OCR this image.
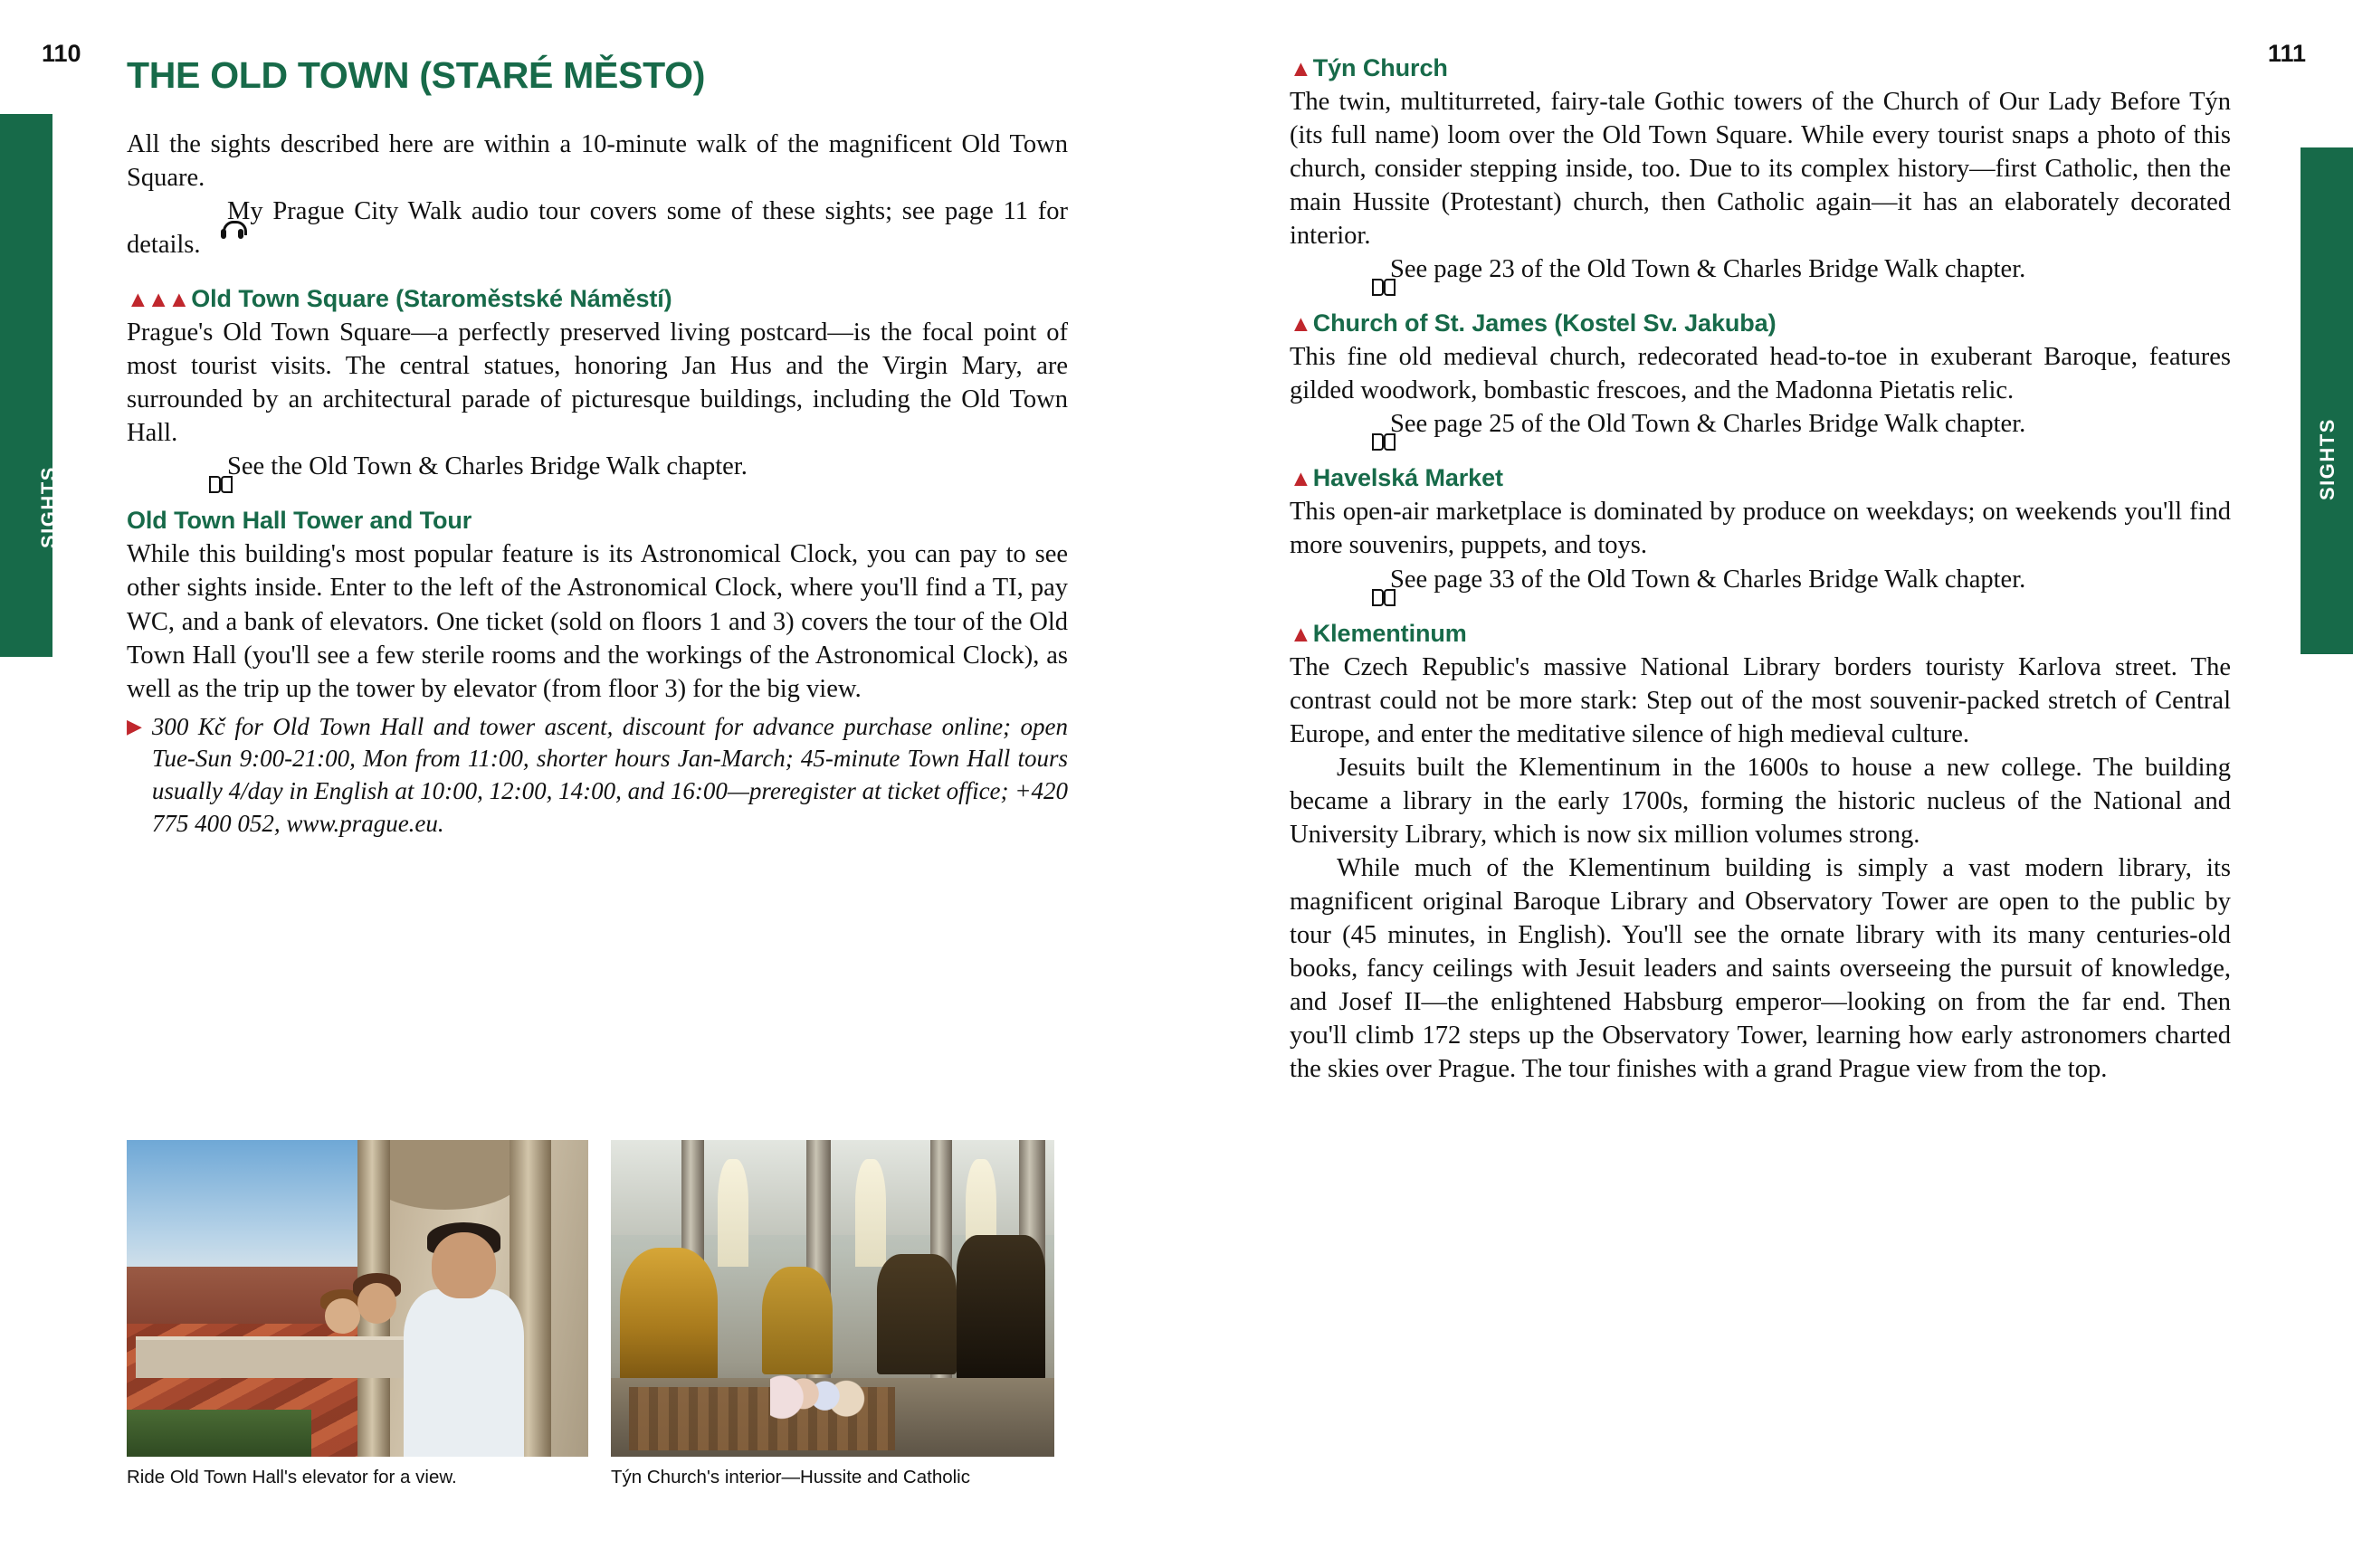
SIGHTS
SIGHTS
110	111
THE OLD TOWN (STARÉ MĚSTO)

All the sights described here are within a 10-minute walk of the magnificent Old Town Square.

My Prague City Walk audio tour covers some of these sights; see page 11 for details.

▲▲▲ Old Town Square (Staroměstské Náměstí)

Prague's Old Town Square—a perfectly preserved living postcard—is the focal point of most tourist visits. The central statues, honoring Jan Hus and the Virgin Mary, are surrounded by an architectural parade of picturesque buildings, including the Old Town Hall.

See the Old Town & Charles Bridge Walk chapter.

Old Town Hall Tower and Tour

While this building's most popular feature is its Astronomical Clock, you can pay to see other sights inside. Enter to the left of the Astronomical Clock, where you'll find a TI, pay WC, and a bank of elevators. One ticket (sold on floors 1 and 3) covers the tour of the Old Town Hall (you'll see a few sterile rooms and the workings of the Astronomical Clock), as well as the trip up the tower by elevator (from floor 3) for the big view.

▶ 300 Kč for Old Town Hall and tower ascent, discount for advance purchase online; open Tue-Sun 9:00-21:00, Mon from 11:00, shorter hours Jan-March; 45-minute Town Hall tours usually 4/day in English at 10:00, 12:00, 14:00, and 16:00—preregister at ticket office; +420 775 400 052, www.prague.eu.
Ride Old Town Hall's elevator for a view.	Týn Church's interior—Hussite and Catholic
▲ Týn Church

The twin, multiturreted, fairy-tale Gothic towers of the Church of Our Lady Before Týn (its full name) loom over the Old Town Square. While every tourist snaps a photo of this church, consider stepping inside, too. Due to its complex history—first Catholic, then the main Hussite (Protestant) church, then Catholic again—it has an elaborately decorated interior.

See page 23 of the Old Town & Charles Bridge Walk chapter.

▲ Church of St. James (Kostel Sv. Jakuba)

This fine old medieval church, redecorated head-to-toe in exuberant Baroque, features gilded woodwork, bombastic frescoes, and the Madonna Pietatis relic.

See page 25 of the Old Town & Charles Bridge Walk chapter.

▲ Havelská Market

This open-air marketplace is dominated by produce on weekdays; on weekends you'll find more souvenirs, puppets, and toys.

See page 33 of the Old Town & Charles Bridge Walk chapter.

▲ Klementinum

The Czech Republic's massive National Library borders touristy Karlova street. The contrast could not be more stark: Step out of the most souvenir-packed stretch of Central Europe, and enter the meditative silence of high medieval culture.

Jesuits built the Klementinum in the 1600s to house a new college. The building became a library in the early 1700s, forming the historic nucleus of the National and University Library, which is now six million volumes strong.

While much of the Klementinum building is simply a vast modern library, its magnificent original Baroque Library and Observatory Tower are open to the public by tour (45 minutes, in English). You'll see the ornate library with its many centuries-old books, fancy ceilings with Jesuit leaders and saints overseeing the pursuit of knowledge, and Josef II—the enlightened Habsburg emperor—looking on from the far end. Then you'll climb 172 steps up the Observatory Tower, learning how early astronomers charted the skies over Prague. The tour finishes with a grand Prague view from the top.
